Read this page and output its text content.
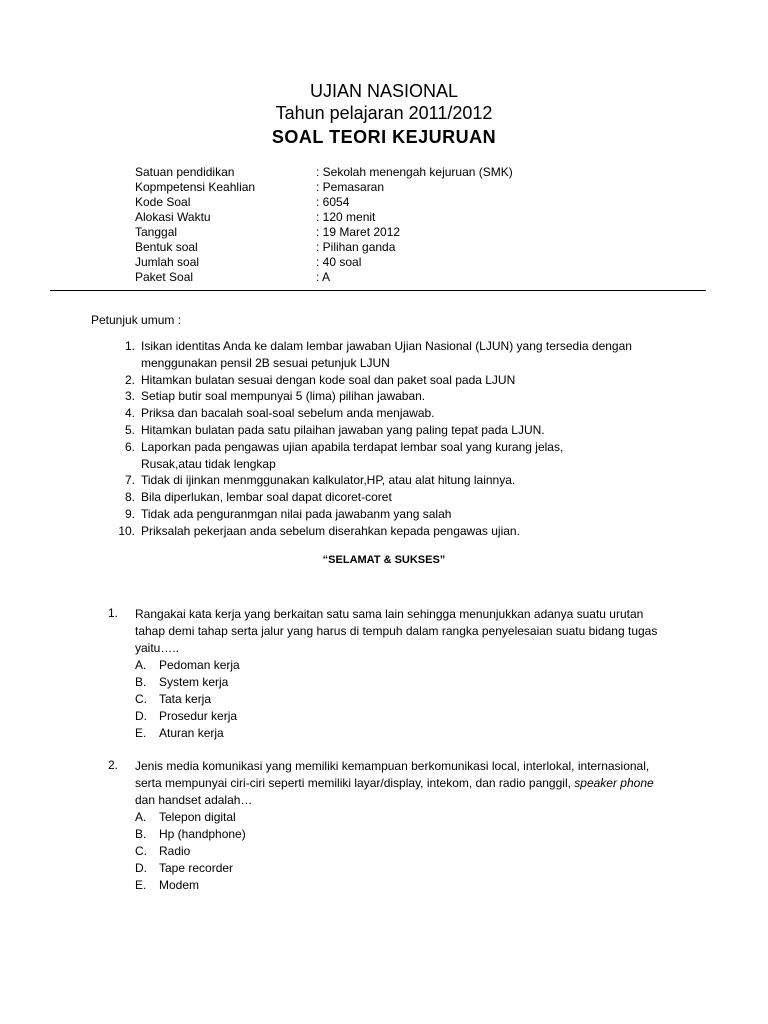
UJIAN NASIONAL
Tahun pelajaran 2011/2012
SOAL TEORI KEJURUAN
Satuan pendidikan	: Sekolah menengah kejuruan (SMK)
Kopmpetensi Keahlian	: Pemasaran
Kode Soal	: 6054
Alokasi Waktu	: 120 menit
Tanggal	: 19 Maret 2012
Bentuk soal	: Pilihan ganda
Jumlah soal	: 40 soal
Paket Soal	: A
Petunjuk umum :
1. Isikan identitas Anda ke dalam lembar jawaban Ujian Nasional (LJUN) yang tersedia dengan
menggunakan pensil 2B sesuai petunjuk LJUN
2. Hitamkan bulatan sesuai dengan kode soal dan paket soal pada LJUN
3. Setiap butir soal mempunyai 5 (lima) pilihan jawaban.
4. Priksa dan bacalah soal-soal sebelum anda menjawab.
5. Hitamkan bulatan pada satu pilaihan jawaban yang paling tepat pada LJUN.
6. Laporkan pada pengawas ujian apabila terdapat lembar soal yang kurang jelas,
Rusak,atau tidak lengkap
7. Tidak di ijinkan menmggunakan kalkulator,HP, atau alat hitung lainnya.
8. Bila diperlukan, lembar soal dapat dicoret-coret
9. Tidak ada penguranmgan nilai pada jawabanm yang salah
10. Priksalah pekerjaan anda sebelum diserahkan kepada pengawas ujian.
“SELAMAT & SUKSES”
1.	Rangakai kata kerja yang berkaitan satu sama lain sehingga menunjukkan adanya suatu urutan tahap demi tahap serta jalur yang harus di tempuh dalam rangka penyelesaian suatu bidang tugas yaitu…..
A.	Pedoman kerja
B.	System kerja
C.	Tata kerja
D.	Prosedur kerja
E.	Aturan kerja
2.	Jenis media komunikasi yang memiliki kemampuan berkomunikasi local, interlokal, internasional, serta mempunyai ciri-ciri seperti memiliki layar/display, intekom, dan radio panggil, speaker phone dan handset adalah…
A.	Telepon digital
B.	Hp (handphone)
C.	Radio
D.	Tape recorder
E.	Modem
